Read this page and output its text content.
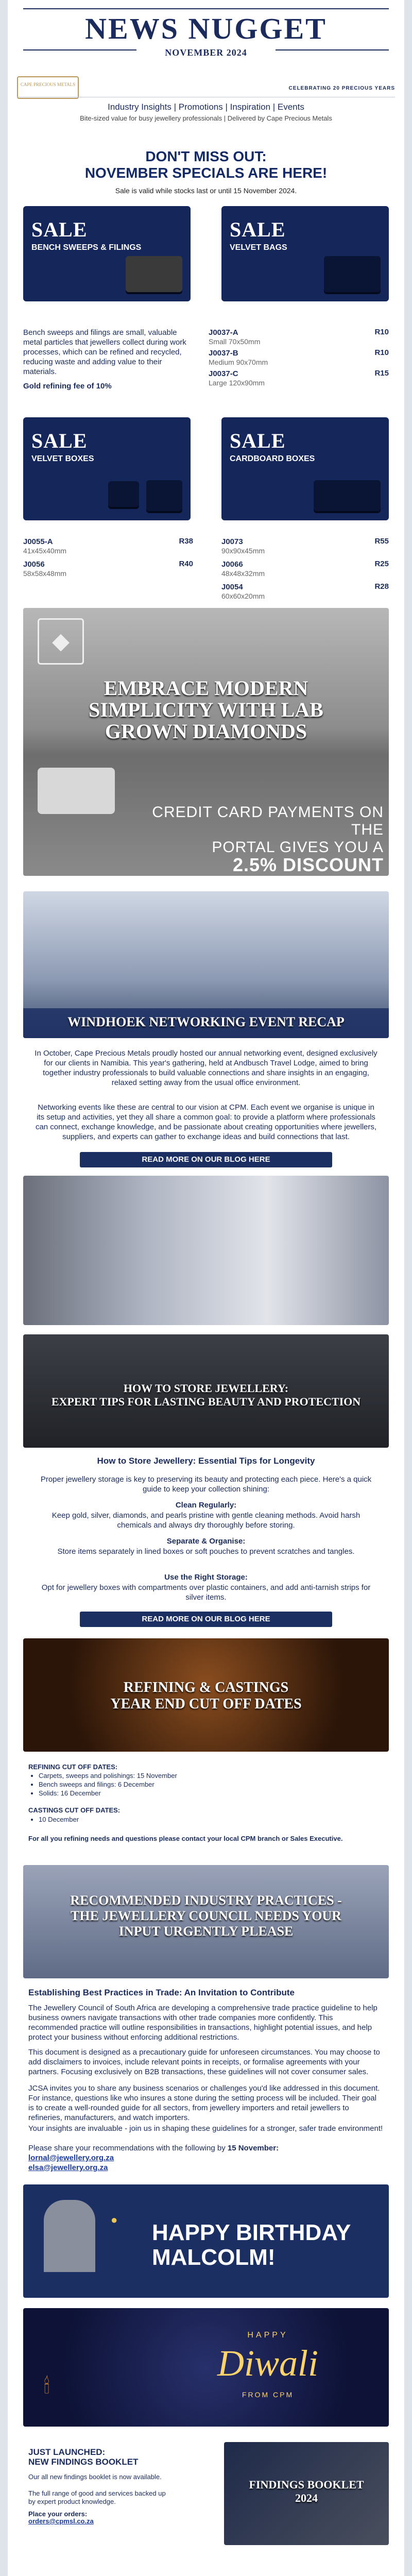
NEWS NUGGET
NOVEMBER 2024
CAPE PRECIOUS METALS
CELEBRATING 20 PRECIOUS YEARS
Industry Insights | Promotions | Inspiration | Events
Bite-sized value for busy jewellery professionals | Delivered by Cape Precious Metals
DON'T MISS OUT:
NOVEMBER SPECIALS ARE HERE!
Sale is valid while stocks last or until 15 November 2024.
SALE
BENCH SWEEPS & FILINGS
SALE
VELVET BAGS
Bench sweeps and filings are small, valuable metal particles that jewellers collect during work processes, which can be refined and recycled, reducing waste and adding value to their materials.
Gold refining fee of 10%
J0037-A
Small 70x50mm
R10
J0037-B
Medium 90x70mm
R10
J0037-C
Large 120x90mm
R15
SALE
VELVET BOXES
SALE
CARDBOARD BOXES
J0055-A
41x45x40mm
R38
J0056
58x58x48mm
R40
J0073
90x90x45mm
R55
J0066
48x48x32mm
R25
J0054
60x60x20mm
R28
◆
EMBRACE MODERN
SIMPLICITY WITH LAB
GROWN DIAMONDS
CREDIT CARD PAYMENTS ON THE
PORTAL GIVES YOU A
2.5% DISCOUNT
WINDHOEK NETWORKING EVENT RECAP
In October, Cape Precious Metals proudly hosted our annual networking event, designed exclusively for our clients in Namibia. This year's gathering, held at Andbusch Travel Lodge, aimed to bring together industry professionals to build valuable connections and share insights in an engaging, relaxed setting away from the usual office environment.
Networking events like these are central to our vision at CPM. Each event we organise is unique in its setup and activities, yet they all share a common goal: to provide a platform where professionals can connect, exchange knowledge, and be passionate about creating opportunities where jewellers, suppliers, and experts can gather to exchange ideas and build connections that last.
READ MORE ON OUR BLOG HERE
HOW TO STORE JEWELLERY:
EXPERT TIPS FOR LASTING BEAUTY AND PROTECTION
How to Store Jewellery: Essential Tips for Longevity
Proper jewellery storage is key to preserving its beauty and protecting each piece. Here's a quick guide to keep your collection shining:
Clean Regularly:
Keep gold, silver, diamonds, and pearls pristine with gentle cleaning methods. Avoid harsh chemicals and always dry thoroughly before storing.
Separate & Organise:
Store items separately in lined boxes or soft pouches to prevent scratches and tangles.
Use the Right Storage:
Opt for jewellery boxes with compartments over plastic containers, and add anti-tarnish strips for silver items.
READ MORE ON OUR BLOG HERE
REFINING & CASTINGS
YEAR END CUT OFF DATES
REFINING CUT OFF DATES:
• Carpets, sweeps and polishings: 15 November
• Bench sweeps and filings: 6 December
• Solids: 16 December
CASTINGS CUT OFF DATES:
• 10 December
For all you refining needs and questions please contact your local CPM branch or Sales Executive.
RECOMMENDED INDUSTRY PRACTICES -
THE JEWELLERY COUNCIL NEEDS YOUR
INPUT URGENTLY PLEASE
Establishing Best Practices in Trade: An Invitation to Contribute
The Jewellery Council of South Africa are developing a comprehensive trade practice guideline to help business owners navigate transactions with other trade companies more confidently. This recommended practice will outline responsibilities in transactions, highlight potential issues, and help protect your business without enforcing additional restrictions.
This document is designed as a precautionary guide for unforeseen circumstances. You may choose to add disclaimers to invoices, include relevant points in receipts, or formalise agreements with your partners. Focusing exclusively on B2B transactions, these guidelines will not cover consumer sales.
JCSA invites you to share any business scenarios or challenges you'd like addressed in this document. For instance, questions like who insures a stone during the setting process will be included. Their goal is to create a well-rounded guide for all sectors, from jewellery importers and retail jewellers to refineries, manufacturers, and watch importers.
Your insights are invaluable - join us in shaping these guidelines for a stronger, safer trade environment!
Please share your recommendations with the following by 15 November:
lornal@jewellery.org.za
elsa@jewellery.org.za
●
HAPPY BIRTHDAY
MALCOLM!
HAPPY
Diwali
FROM CPM
🕯
JUST LAUNCHED:
NEW FINDINGS BOOKLET
Our all new findings booklet is now available.
The full range of good and services backed up by expert product knowledge.
Place your orders:
orders@cpmsl.co.za
FINDINGS BOOKLET
2024
